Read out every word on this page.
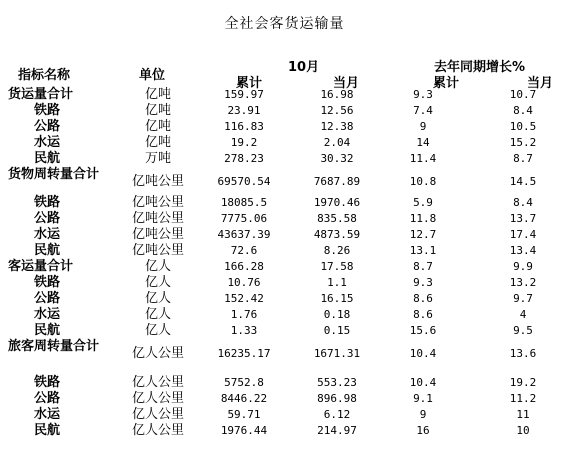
全社会客货运输量
指标名称	单位
10月
累计	当月
去年同期增长%
累计	当月
货运量合计	亿吨	159.97	16.98	9.3	10.7
铁路	亿吨	23.91	12.56	7.4	8.4
公路	亿吨	116.83	12.38	9	10.5
水运	亿吨	19.2	2.04	14	15.2
民航	万吨	278.23	30.32	11.4	8.7
货物周转量合计	亿吨公里	69570.54	7687.89	10.8	14.5
铁路	亿吨公里	18085.5	1970.46	5.9	8.4
公路	亿吨公里	7775.06	835.58	11.8	13.7
水运	亿吨公里	43637.39	4873.59	12.7	17.4
民航	亿吨公里	72.6	8.26	13.1	13.4
客运量合计	亿人	166.28	17.58	8.7	9.9
铁路	亿人	10.76	1.1	9.3	13.2
公路	亿人	152.42	16.15	8.6	9.7
水运	亿人	1.76	0.18	8.6	4
民航	亿人	1.33	0.15	15.6	9.5
旅客周转量合计	亿人公里	16235.17	1671.31	10.4	13.6
铁路	亿人公里	5752.8	553.23	10.4	19.2
公路	亿人公里	8446.22	896.98	9.1	11.2
水运	亿人公里	59.71	6.12	9	11
民航	亿人公里	1976.44	214.97	16	10
